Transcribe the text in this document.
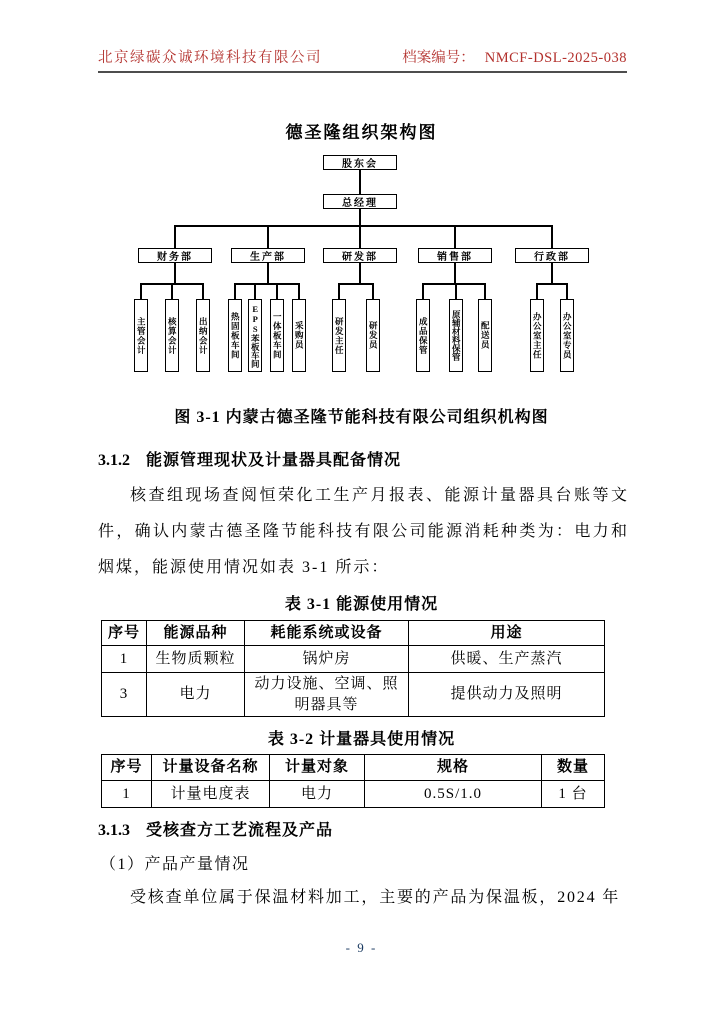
北京绿碳众诚环境科技有限公司	档案编号： NMCF-DSL-2025-038
德圣隆组织架构图
股东会
总经理
财务部	生产部	研发部	销售部	行政部
主管会计 核算会计 出纳会计	热固板车间 EPS苯板车间 一体板车间 采购员	研发主任	研发员	成品保管	原辅材料保管 配送员	办公室主任 办公室专员
图 3-1 内蒙古德圣隆节能科技有限公司组织机构图
3.1.2 能源管理现状及计量器具配备情况
核查组现场查阅恒荣化工生产月报表、能源计量器具台账等文件，确认内蒙古德圣隆节能科技有限公司能源消耗种类为：电力和烟煤，能源使用情况如表 3-1 所示：
表 3-1 能源使用情况
序号	能源品种	耗能系统或设备	用途
1	生物质颗粒	锅炉房	供暖、生产蒸汽
3	电力	动力设施、空调、照明器具等	提供动力及照明
表 3-2 计量器具使用情况
序号	计量设备名称	计量对象	规格	数量
1	计量电度表	电力	0.5S/1.0	1 台
3.1.3 受核查方工艺流程及产品
（1）产品产量情况
受核查单位属于保温材料加工，主要的产品为保温板，2024 年
- 9 -
